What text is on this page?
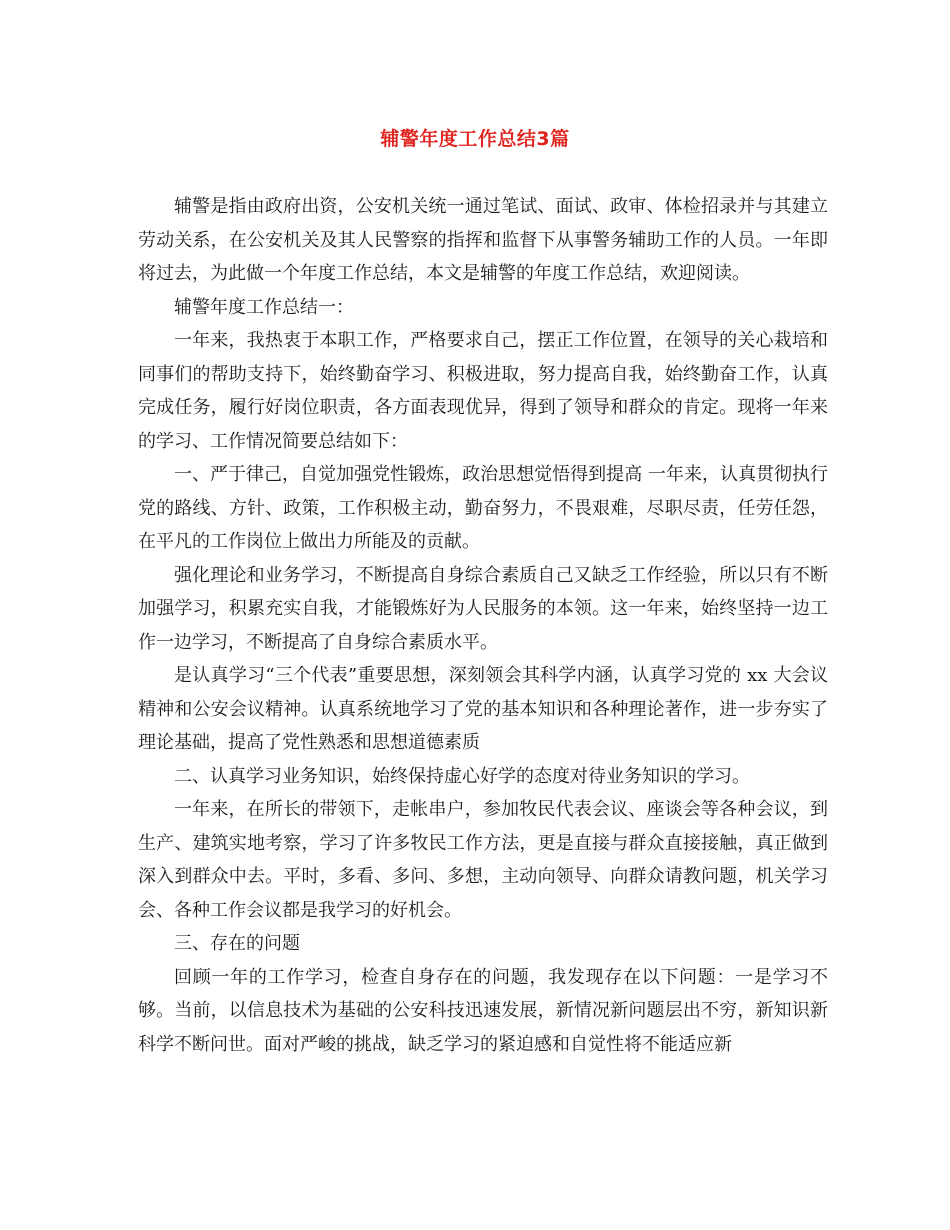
辅警年度工作总结3篇

辅警是指由政府出资，公安机关统一通过笔试、面试、政审、体检招录并与其建立劳动关系，在公安机关及其人民警察的指挥和监督下从事警务辅助工作的人员。一年即将过去，为此做一个年度工作总结，本文是辅警的年度工作总结，欢迎阅读。

辅警年度工作总结一：

一年来，我热衷于本职工作，严格要求自己，摆正工作位置，在领导的关心栽培和同事们的帮助支持下，始终勤奋学习、积极进取，努力提高自我，始终勤奋工作，认真完成任务，履行好岗位职责，各方面表现优异，得到了领导和群众的肯定。现将一年来的学习、工作情况简要总结如下：

一、严于律己，自觉加强党性锻炼，政治思想觉悟得到提高 一年来，认真贯彻执行党的路线、方针、政策，工作积极主动，勤奋努力，不畏艰难，尽职尽责，任劳任怨，在平凡的工作岗位上做出力所能及的贡献。

强化理论和业务学习，不断提高自身综合素质自己又缺乏工作经验，所以只有不断加强学习，积累充实自我，才能锻炼好为人民服务的本领。这一年来，始终坚持一边工作一边学习，不断提高了自身综合素质水平。

是认真学习“三个代表”重要思想，深刻领会其科学内涵，认真学习党的 xx 大会议精神和公安会议精神。认真系统地学习了党的基本知识和各种理论著作，进一步夯实了理论基础，提高了党性熟悉和思想道德素质

二、认真学习业务知识，始终保持虚心好学的态度对待业务知识的学习。

一年来，在所长的带领下，走帐串户，参加牧民代表会议、座谈会等各种会议，到生产、建筑实地考察，学习了许多牧民工作方法，更是直接与群众直接接触，真正做到深入到群众中去。平时，多看、多问、多想，主动向领导、向群众请教问题，机关学习会、各种工作会议都是我学习的好机会。

三、存在的问题

回顾一年的工作学习，检查自身存在的问题，我发现存在以下问题：一是学习不够。当前，以信息技术为基础的公安科技迅速发展，新情况新问题层出不穷，新知识新科学不断问世。面对严峻的挑战，缺乏学习的紧迫感和自觉性将不能适应新
